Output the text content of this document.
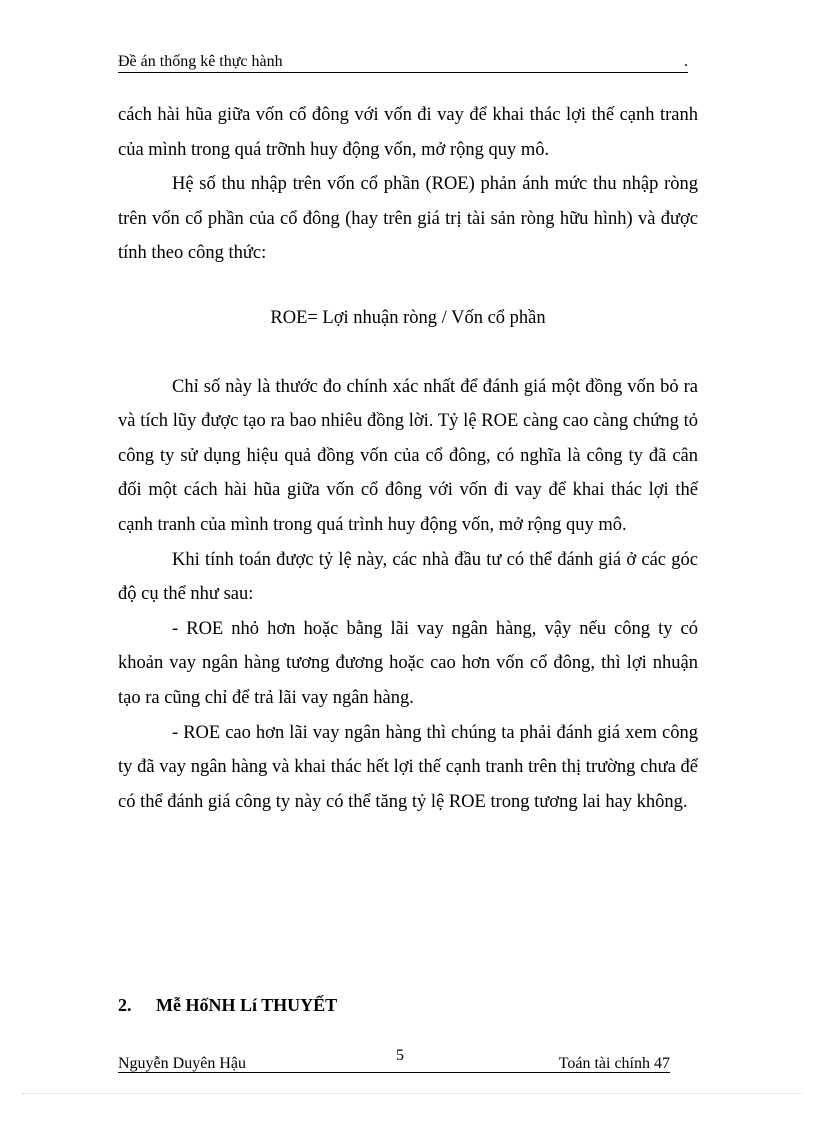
Đề án thống kê thực hành	.

cách hài hũa giữa vốn cổ đông với vốn đi vay để khai thác lợi thế cạnh tranh của mình trong quá trỡnh huy động vốn, mở rộng quy mô.

Hệ số thu nhập trên vốn cổ phần (ROE) phản ánh mức thu nhập ròng trên vốn cổ phần của cổ đông (hay trên giá trị tài sản ròng hữu hình) và được tính theo công thức:

ROE= Lợi nhuận ròng / Vốn cổ phần

Chỉ số này là thước đo chính xác nhất để đánh giá một đồng vốn bỏ ra và tích lũy được tạo ra bao nhiêu đồng lời. Tỷ lệ ROE càng cao càng chứng tỏ công ty sử dụng hiệu quả đồng vốn của cổ đông, có nghĩa là công ty đã cân đối một cách hài hũa giữa vốn cổ đông với vốn đi vay để khai thác lợi thế cạnh tranh của mình trong quá trình huy động vốn, mở rộng quy mô.

Khi tính toán được tỷ lệ này, các nhà đầu tư có thể đánh giá ở các góc độ cụ thể như sau:

- ROE nhỏ hơn hoặc bằng lãi vay ngân hàng, vậy nếu công ty có khoản vay ngân hàng tương đương hoặc cao hơn vốn cổ đông, thì lợi nhuận tạo ra cũng chỉ để trả lãi vay ngân hàng.

- ROE cao hơn lãi vay ngân hàng thì chúng ta phải đánh giá xem công ty đã vay ngân hàng và khai thác hết lợi thế cạnh tranh trên thị trường chưa để có thể đánh giá công ty này có thể tăng tỷ lệ ROE trong tương lai hay không.

2. Mễ HốNH Lí THUYẾT
Nguyễn Duyên Hậu	5	Toán tài chính 47
